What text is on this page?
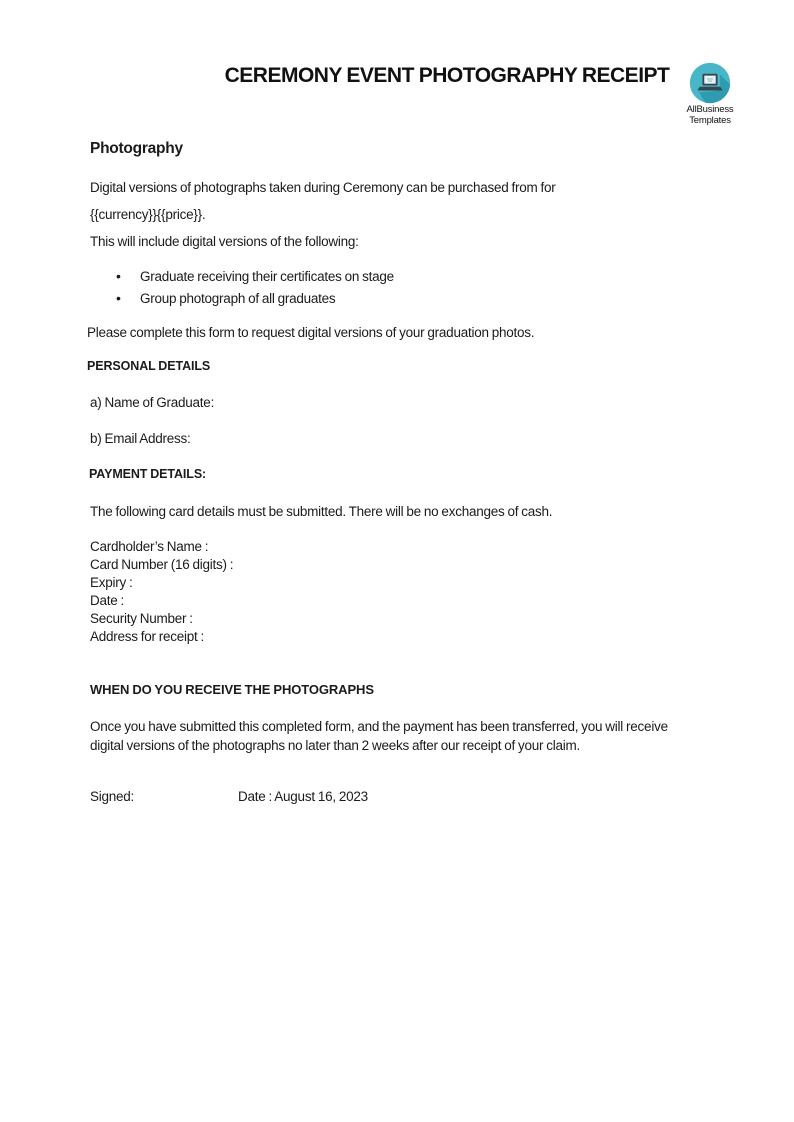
CEREMONY EVENT PHOTOGRAPHY RECEIPT
AllBusiness
Templates
Photography
Digital versions of photographs taken during Ceremony can be purchased from for
{{currency}}{{price}}.
This will include digital versions of the following:
• Graduate receiving their certificates on stage
• Group photograph of all graduates
Please complete this form to request digital versions of your graduation photos.
PERSONAL DETAILS
a) Name of Graduate:
b) Email Address:
PAYMENT DETAILS:
The following card details must be submitted. There will be no exchanges of cash.
Cardholder’s Name :
Card Number (16 digits) :
Expiry :
Date :
Security Number :
Address for receipt :
WHEN DO YOU RECEIVE THE PHOTOGRAPHS
Once you have submitted this completed form, and the payment has been transferred, you will receive digital versions of the photographs no later than 2 weeks after our receipt of your claim.
Signed:	Date : August 16, 2023
